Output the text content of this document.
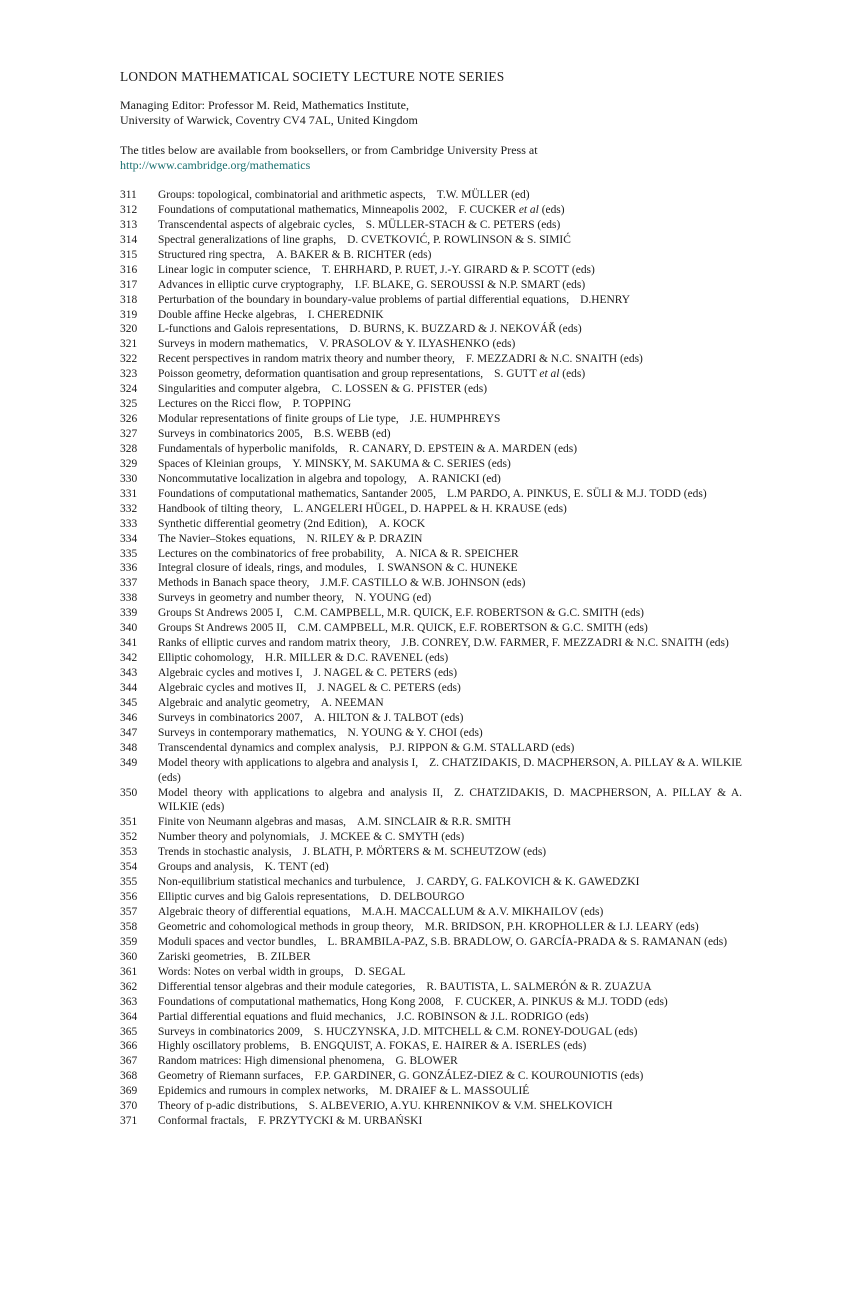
LONDON MATHEMATICAL SOCIETY LECTURE NOTE SERIES
Managing Editor: Professor M. Reid, Mathematics Institute,
University of Warwick, Coventry CV4 7AL, United Kingdom
The titles below are available from booksellers, or from Cambridge University Press at
http://www.cambridge.org/mathematics
311	Groups: topological, combinatorial and arithmetic aspects, T.W. MÜLLER (ed)
312	Foundations of computational mathematics, Minneapolis 2002, F. CUCKER et al (eds)
313	Transcendental aspects of algebraic cycles, S. MÜLLER-STACH & C. PETERS (eds)
314	Spectral generalizations of line graphs, D. CVETKOVIĆ, P. ROWLINSON & S. SIMIĆ
315	Structured ring spectra, A. BAKER & B. RICHTER (eds)
316	Linear logic in computer science, T. EHRHARD, P. RUET, J.-Y. GIRARD & P. SCOTT (eds)
317	Advances in elliptic curve cryptography, I.F. BLAKE, G. SEROUSSI & N.P. SMART (eds)
318	Perturbation of the boundary in boundary-value problems of partial differential equations, D.HENRY
319	Double affine Hecke algebras, I. CHEREDNIK
320	L-functions and Galois representations, D. BURNS, K. BUZZARD & J. NEKOVÁŘ (eds)
321	Surveys in modern mathematics, V. PRASOLOV & Y. ILYASHENKO (eds)
322	Recent perspectives in random matrix theory and number theory, F. MEZZADRI & N.C. SNAITH (eds)
323	Poisson geometry, deformation quantisation and group representations, S. GUTT et al (eds)
324	Singularities and computer algebra, C. LOSSEN & G. PFISTER (eds)
325	Lectures on the Ricci flow, P. TOPPING
326	Modular representations of finite groups of Lie type, J.E. HUMPHREYS
327	Surveys in combinatorics 2005, B.S. WEBB (ed)
328	Fundamentals of hyperbolic manifolds, R. CANARY, D. EPSTEIN & A. MARDEN (eds)
329	Spaces of Kleinian groups, Y. MINSKY, M. SAKUMA & C. SERIES (eds)
330	Noncommutative localization in algebra and topology, A. RANICKI (ed)
331	Foundations of computational mathematics, Santander 2005, L.M PARDO, A. PINKUS, E. SÜLI & M.J. TODD (eds)
332	Handbook of tilting theory, L. ANGELERI HÜGEL, D. HAPPEL & H. KRAUSE (eds)
333	Synthetic differential geometry (2nd Edition), A. KOCK
334	The Navier–Stokes equations, N. RILEY & P. DRAZIN
335	Lectures on the combinatorics of free probability, A. NICA & R. SPEICHER
336	Integral closure of ideals, rings, and modules, I. SWANSON & C. HUNEKE
337	Methods in Banach space theory, J.M.F. CASTILLO & W.B. JOHNSON (eds)
338	Surveys in geometry and number theory, N. YOUNG (ed)
339	Groups St Andrews 2005 I, C.M. CAMPBELL, M.R. QUICK, E.F. ROBERTSON & G.C. SMITH (eds)
340	Groups St Andrews 2005 II, C.M. CAMPBELL, M.R. QUICK, E.F. ROBERTSON & G.C. SMITH (eds)
341	Ranks of elliptic curves and random matrix theory, J.B. CONREY, D.W. FARMER, F. MEZZADRI & N.C. SNAITH (eds)
342	Elliptic cohomology, H.R. MILLER & D.C. RAVENEL (eds)
343	Algebraic cycles and motives I, J. NAGEL & C. PETERS (eds)
344	Algebraic cycles and motives II, J. NAGEL & C. PETERS (eds)
345	Algebraic and analytic geometry, A. NEEMAN
346	Surveys in combinatorics 2007, A. HILTON & J. TALBOT (eds)
347	Surveys in contemporary mathematics, N. YOUNG & Y. CHOI (eds)
348	Transcendental dynamics and complex analysis, P.J. RIPPON & G.M. STALLARD (eds)
349	Model theory with applications to algebra and analysis I, Z. CHATZIDAKIS, D. MACPHERSON, A. PILLAY & A. WILKIE (eds)
350	Model theory with applications to algebra and analysis II, Z. CHATZIDAKIS, D. MACPHERSON, A. PILLAY & A. WILKIE (eds)
351	Finite von Neumann algebras and masas, A.M. SINCLAIR & R.R. SMITH
352	Number theory and polynomials, J. MCKEE & C. SMYTH (eds)
353	Trends in stochastic analysis, J. BLATH, P. MÖRTERS & M. SCHEUTZOW (eds)
354	Groups and analysis, K. TENT (ed)
355	Non-equilibrium statistical mechanics and turbulence, J. CARDY, G. FALKOVICH & K. GAWEDZKI
356	Elliptic curves and big Galois representations, D. DELBOURGO
357	Algebraic theory of differential equations, M.A.H. MACCALLUM & A.V. MIKHAILOV (eds)
358	Geometric and cohomological methods in group theory, M.R. BRIDSON, P.H. KROPHOLLER & I.J. LEARY (eds)
359	Moduli spaces and vector bundles, L. BRAMBILA-PAZ, S.B. BRADLOW, O. GARCÍA-PRADA & S. RAMANAN (eds)
360	Zariski geometries, B. ZILBER
361	Words: Notes on verbal width in groups, D. SEGAL
362	Differential tensor algebras and their module categories, R. BAUTISTA, L. SALMERÓN & R. ZUAZUA
363	Foundations of computational mathematics, Hong Kong 2008, F. CUCKER, A. PINKUS & M.J. TODD (eds)
364	Partial differential equations and fluid mechanics, J.C. ROBINSON & J.L. RODRIGO (eds)
365	Surveys in combinatorics 2009, S. HUCZYNSKA, J.D. MITCHELL & C.M. RONEY-DOUGAL (eds)
366	Highly oscillatory problems, B. ENGQUIST, A. FOKAS, E. HAIRER & A. ISERLES (eds)
367	Random matrices: High dimensional phenomena, G. BLOWER
368	Geometry of Riemann surfaces, F.P. GARDINER, G. GONZÁLEZ-DIEZ & C. KOUROUNIOTIS (eds)
369	Epidemics and rumours in complex networks, M. DRAIEF & L. MASSOULIÉ
370	Theory of p-adic distributions, S. ALBEVERIO, A.YU. KHRENNIKOV & V.M. SHELKOVICH
371	Conformal fractals, F. PRZYTYCKI & M. URBAŃSKI
